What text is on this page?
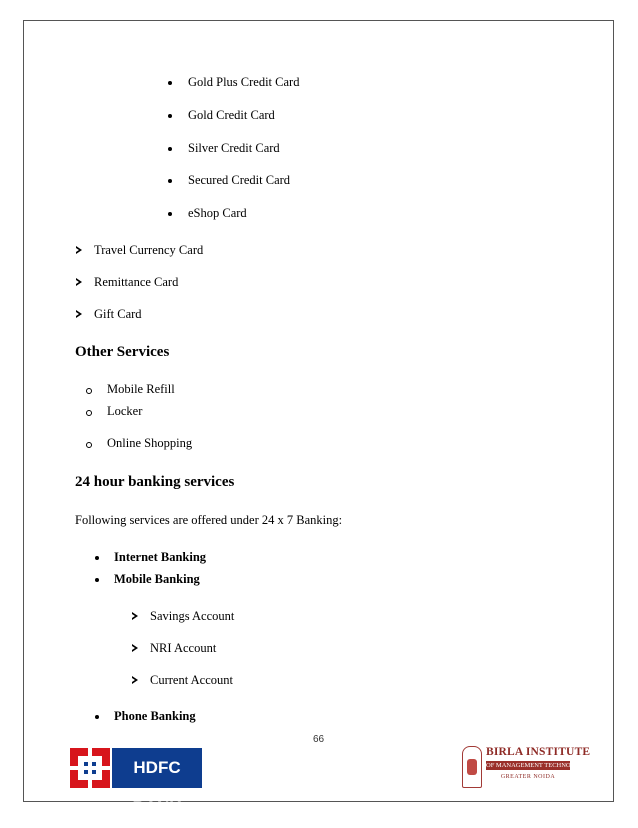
Gold Plus Credit Card
Gold Credit Card
Silver Credit Card
Secured Credit Card
eShop Card
Travel Currency Card
Remittance Card
Gift Card
Other Services
Mobile Refill
Locker
Online Shopping
24 hour banking services
Following services are offered under 24 x 7 Banking:
Internet Banking
Mobile Banking
Savings Account
NRI Account
Current Account
Phone Banking
66
HDFC BANK
BIRLA INSTITUTE
OF MANAGEMENT TECHNOLOGY
GREATER NOIDA
